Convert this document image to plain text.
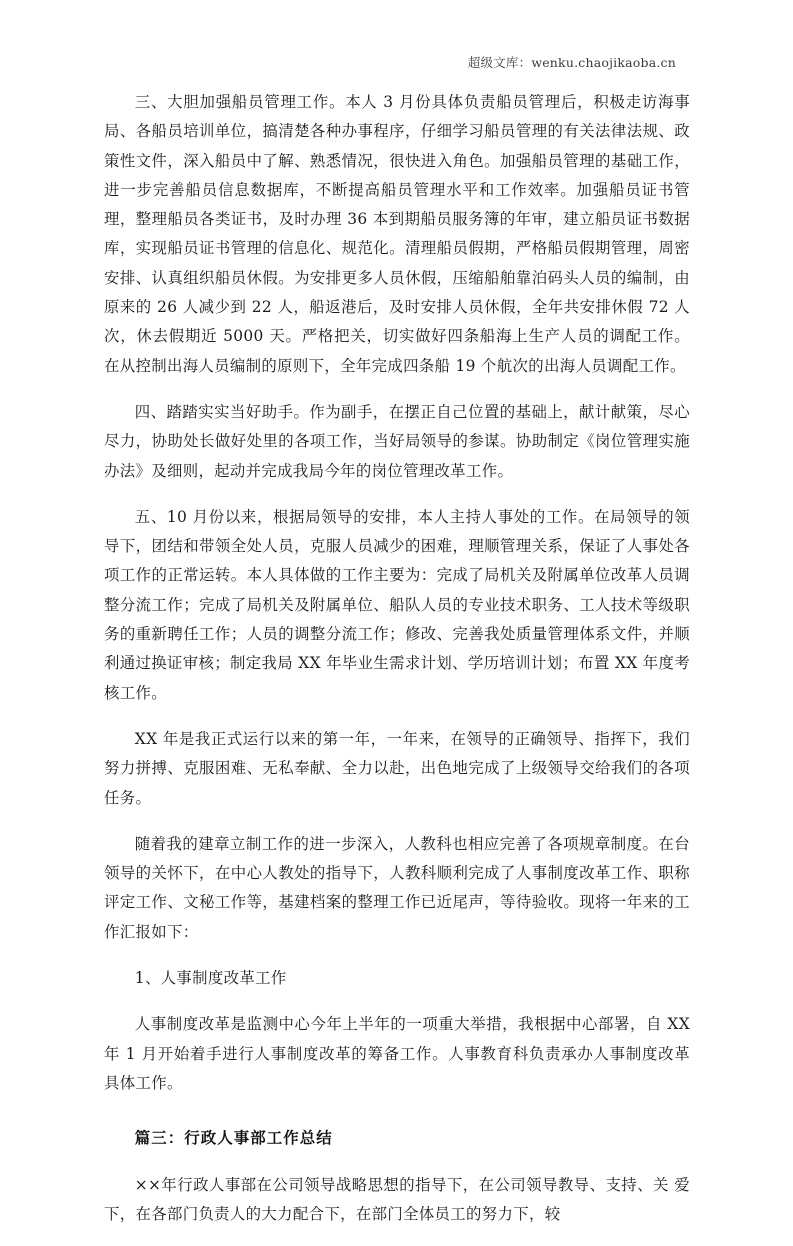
超级文库：wenku.chaojikaoba.cn

三、大胆加强船员管理工作。本人 3 月份具体负责船员管理后，积极走访海事局、各船员培训单位，搞清楚各种办事程序，仔细学习船员管理的有关法律法规、政策性文件，深入船员中了解、熟悉情况，很快进入角色。加强船员管理的基础工作，进一步完善船员信息数据库，不断提高船员管理水平和工作效率。加强船员证书管理，整理船员各类证书，及时办理 36 本到期船员服务簿的年审，建立船员证书数据库，实现船员证书管理的信息化、规范化。清理船员假期，严格船员假期管理，周密安排、认真组织船员休假。为安排更多人员休假，压缩船舶靠泊码头人员的编制，由原来的 26 人减少到 22 人，船返港后，及时安排人员休假，全年共安排休假 72 人次，休去假期近 5000 天。严格把关，切实做好四条船海上生产人员的调配工作。在从控制出海人员编制的原则下，全年完成四条船 19 个航次的出海人员调配工作。

四、踏踏实实当好助手。作为副手，在摆正自己位置的基础上，献计献策，尽心尽力，协助处长做好处里的各项工作，当好局领导的参谋。协助制定《岗位管理实施办法》及细则，起动并完成我局今年的岗位管理改革工作。

五、10 月份以来，根据局领导的安排，本人主持人事处的工作。在局领导的领导下，团结和带领全处人员，克服人员减少的困难，理顺管理关系，保证了人事处各项工作的正常运转。本人具体做的工作主要为：完成了局机关及附属单位改革人员调整分流工作；完成了局机关及附属单位、船队人员的专业技术职务、工人技术等级职务的重新聘任工作；人员的调整分流工作；修改、完善我处质量管理体系文件，并顺利通过换证审核；制定我局 XX 年毕业生需求计划、学历培训计划；布置 XX 年度考核工作。

XX 年是我正式运行以来的第一年，一年来，在领导的正确领导、指挥下，我们努力拼搏、克服困难、无私奉献、全力以赴，出色地完成了上级领导交给我们的各项任务。

随着我的建章立制工作的进一步深入，人教科也相应完善了各项规章制度。在台领导的关怀下，在中心人教处的指导下，人教科顺利完成了人事制度改革工作、职称评定工作、文秘工作等，基建档案的整理工作已近尾声，等待验收。现将一年来的工作汇报如下：

1、人事制度改革工作

人事制度改革是监测中心今年上半年的一项重大举措，我根据中心部署，自 XX 年 1 月开始着手进行人事制度改革的筹备工作。人事教育科负责承办人事制度改革具体工作。

篇三：行政人事部工作总结

××年行政人事部在公司领导战略思想的指导下，在公司领导教导、支持、关 爱下，在各部门负责人的大力配合下，在部门全体员工的努力下，较
